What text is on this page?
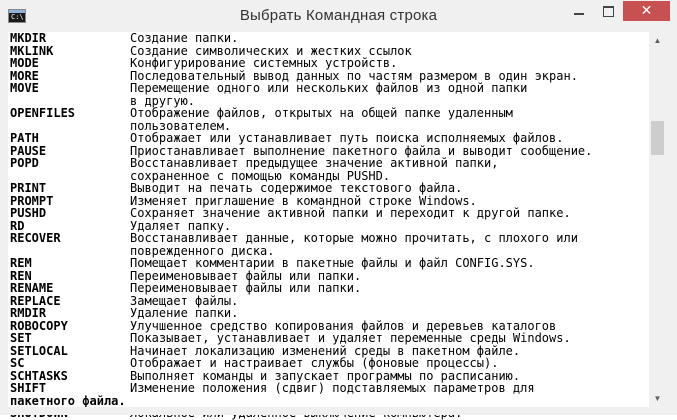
C:\	Выбрать Командная строка	✕
MKDIR	Создание папки.
MKLINK	Создание символических и жестких ссылок
MODE	Конфигурирование системных устройств.
MORE	Последовательный вывод данных по частям размером в один экран.
MOVE	Перемещение одного или нескольких файлов из одной папки
в другую.
OPENFILES	Отображение файлов, открытых на общей папке удаленным
пользователем.
PATH	Отображает или устанавливает путь поиска исполняемых файлов.
PAUSE	Приостанавливает выполнение пакетного файла и выводит сообщение.
POPD	Восстанавливает предыдущее значение активной папки,
сохраненное с помощью команды PUSHD.
PRINT	Выводит на печать содержимое текстового файла.
PROMPT	Изменяет приглашение в командной строке Windows.
PUSHD	Сохраняет значение активной папки и переходит к другой папке.
RD	Удаляет папку.
RECOVER	Восстанавливает данные, которые можно прочитать, с плохого или
поврежденного диска.
REM	Помещает комментарии в пакетные файлы и файл CONFIG.SYS.
REN	Переименовывает файлы или папки.
RENAME	Переименовывает файлы или папки.
REPLACE	Замещает файлы.
RMDIR	Удаление папки.
ROBOCOPY	Улучшенное средство копирования файлов и деревьев каталогов
SET	Показывает, устанавливает и удаляет переменные среды Windows.
SETLOCAL	Начинает локализацию изменений среды в пакетном файле.
SC	Отображает и настраивает службы (фоновые процессы).
SCHTASKS	Выполняет команды и запускает программы по расписанию.
SHIFT	Изменение положения (сдвиг) подставляемых параметров для
пакетного файла.
▲
▼
